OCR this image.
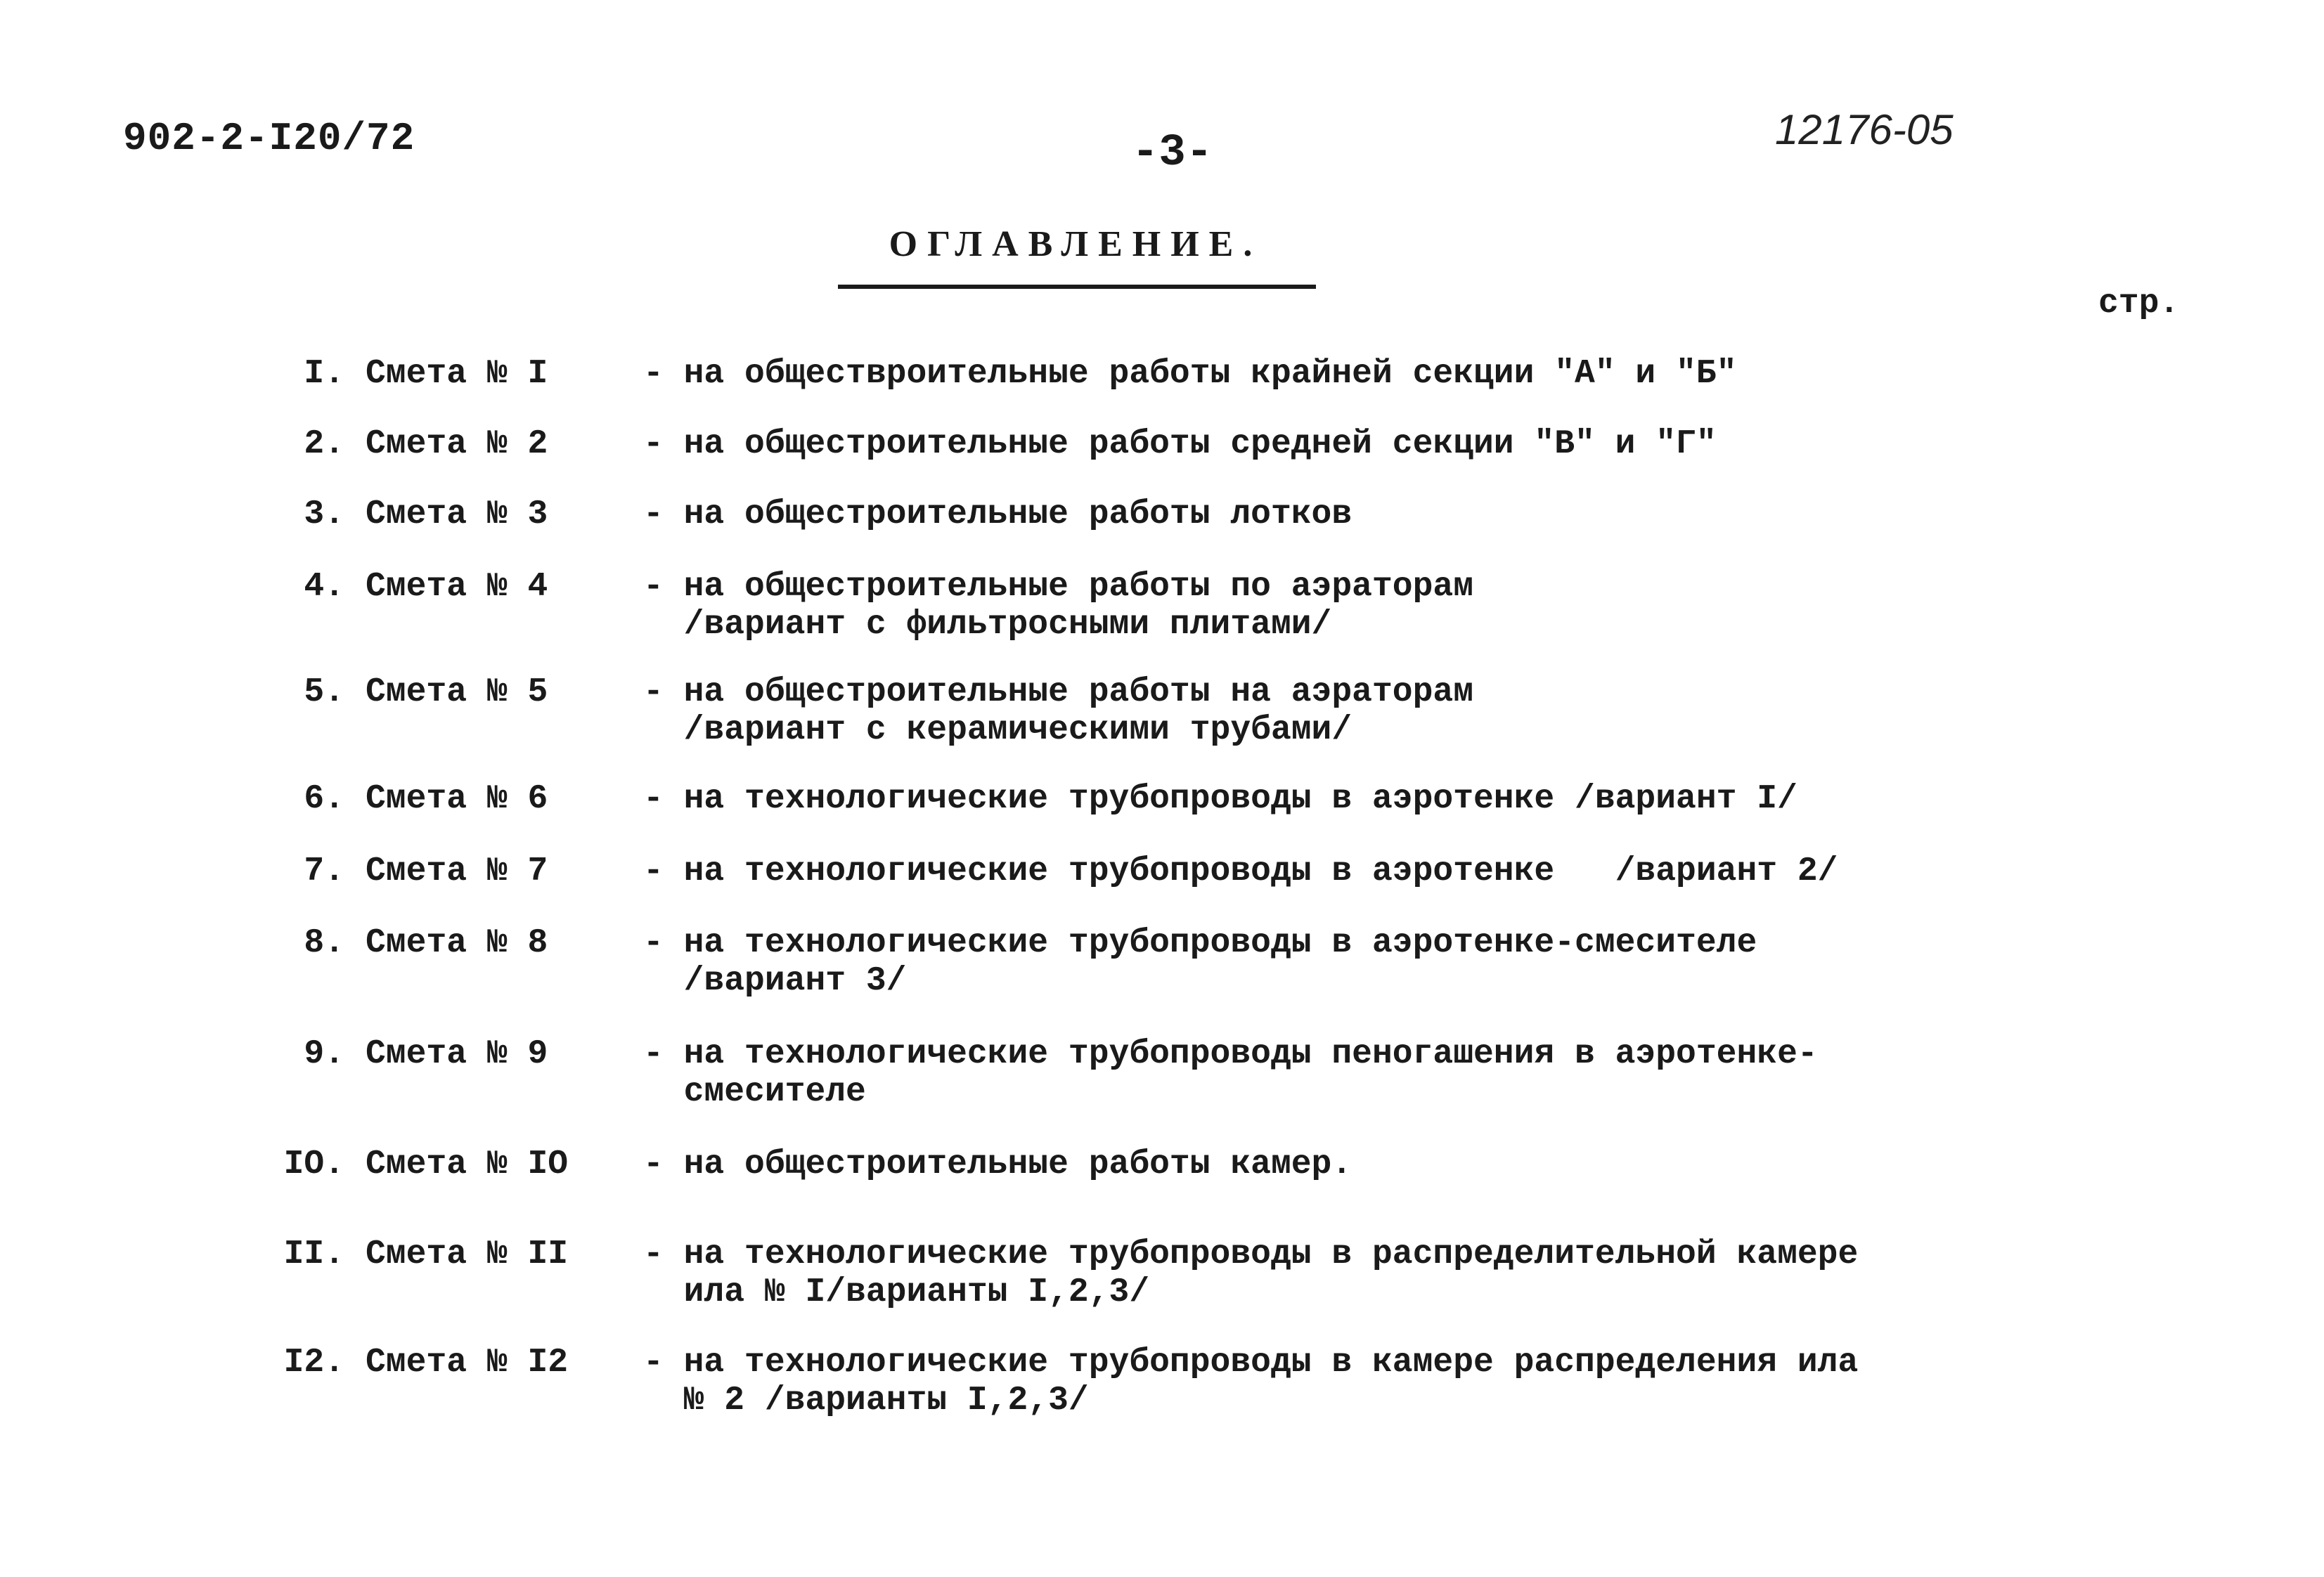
902-2-I20/72	-3-	12176-05
ОГЛАВЛЕНИЕ.
стр.
I. Смета № I	- на обществроительные работы крайней секции "А" и "Б"
2. Смета № 2	- на общестроительные работы средней секции "В" и "Г"
3. Смета № 3	- на общестроительные работы лотков
4. Смета № 4	- на общестроительные работы по аэраторам
/вариант с фильтросными плитами/
5. Смета № 5	- на общестроительные работы на аэраторам
/вариант с керамическими трубами/
6. Смета № 6	- на технологические трубопроводы в аэротенке /вариант I/
7. Смета № 7	- на технологические трубопроводы в аэротенке   /вариант 2/
8. Смета № 8	- на технологические трубопроводы в аэротенке-смесителе
/вариант 3/
9. Смета № 9	- на технологические трубопроводы пеногашения в аэротенке-
смесителе
IO. Смета № IO	- на общестроительные работы камер.
II. Смета № II	- на технологические трубопроводы в распределительной камере
ила № I/варианты I,2,3/
I2. Смета № I2	- на технологические трубопроводы в камере распределения ила
№ 2 /варианты I,2,3/
